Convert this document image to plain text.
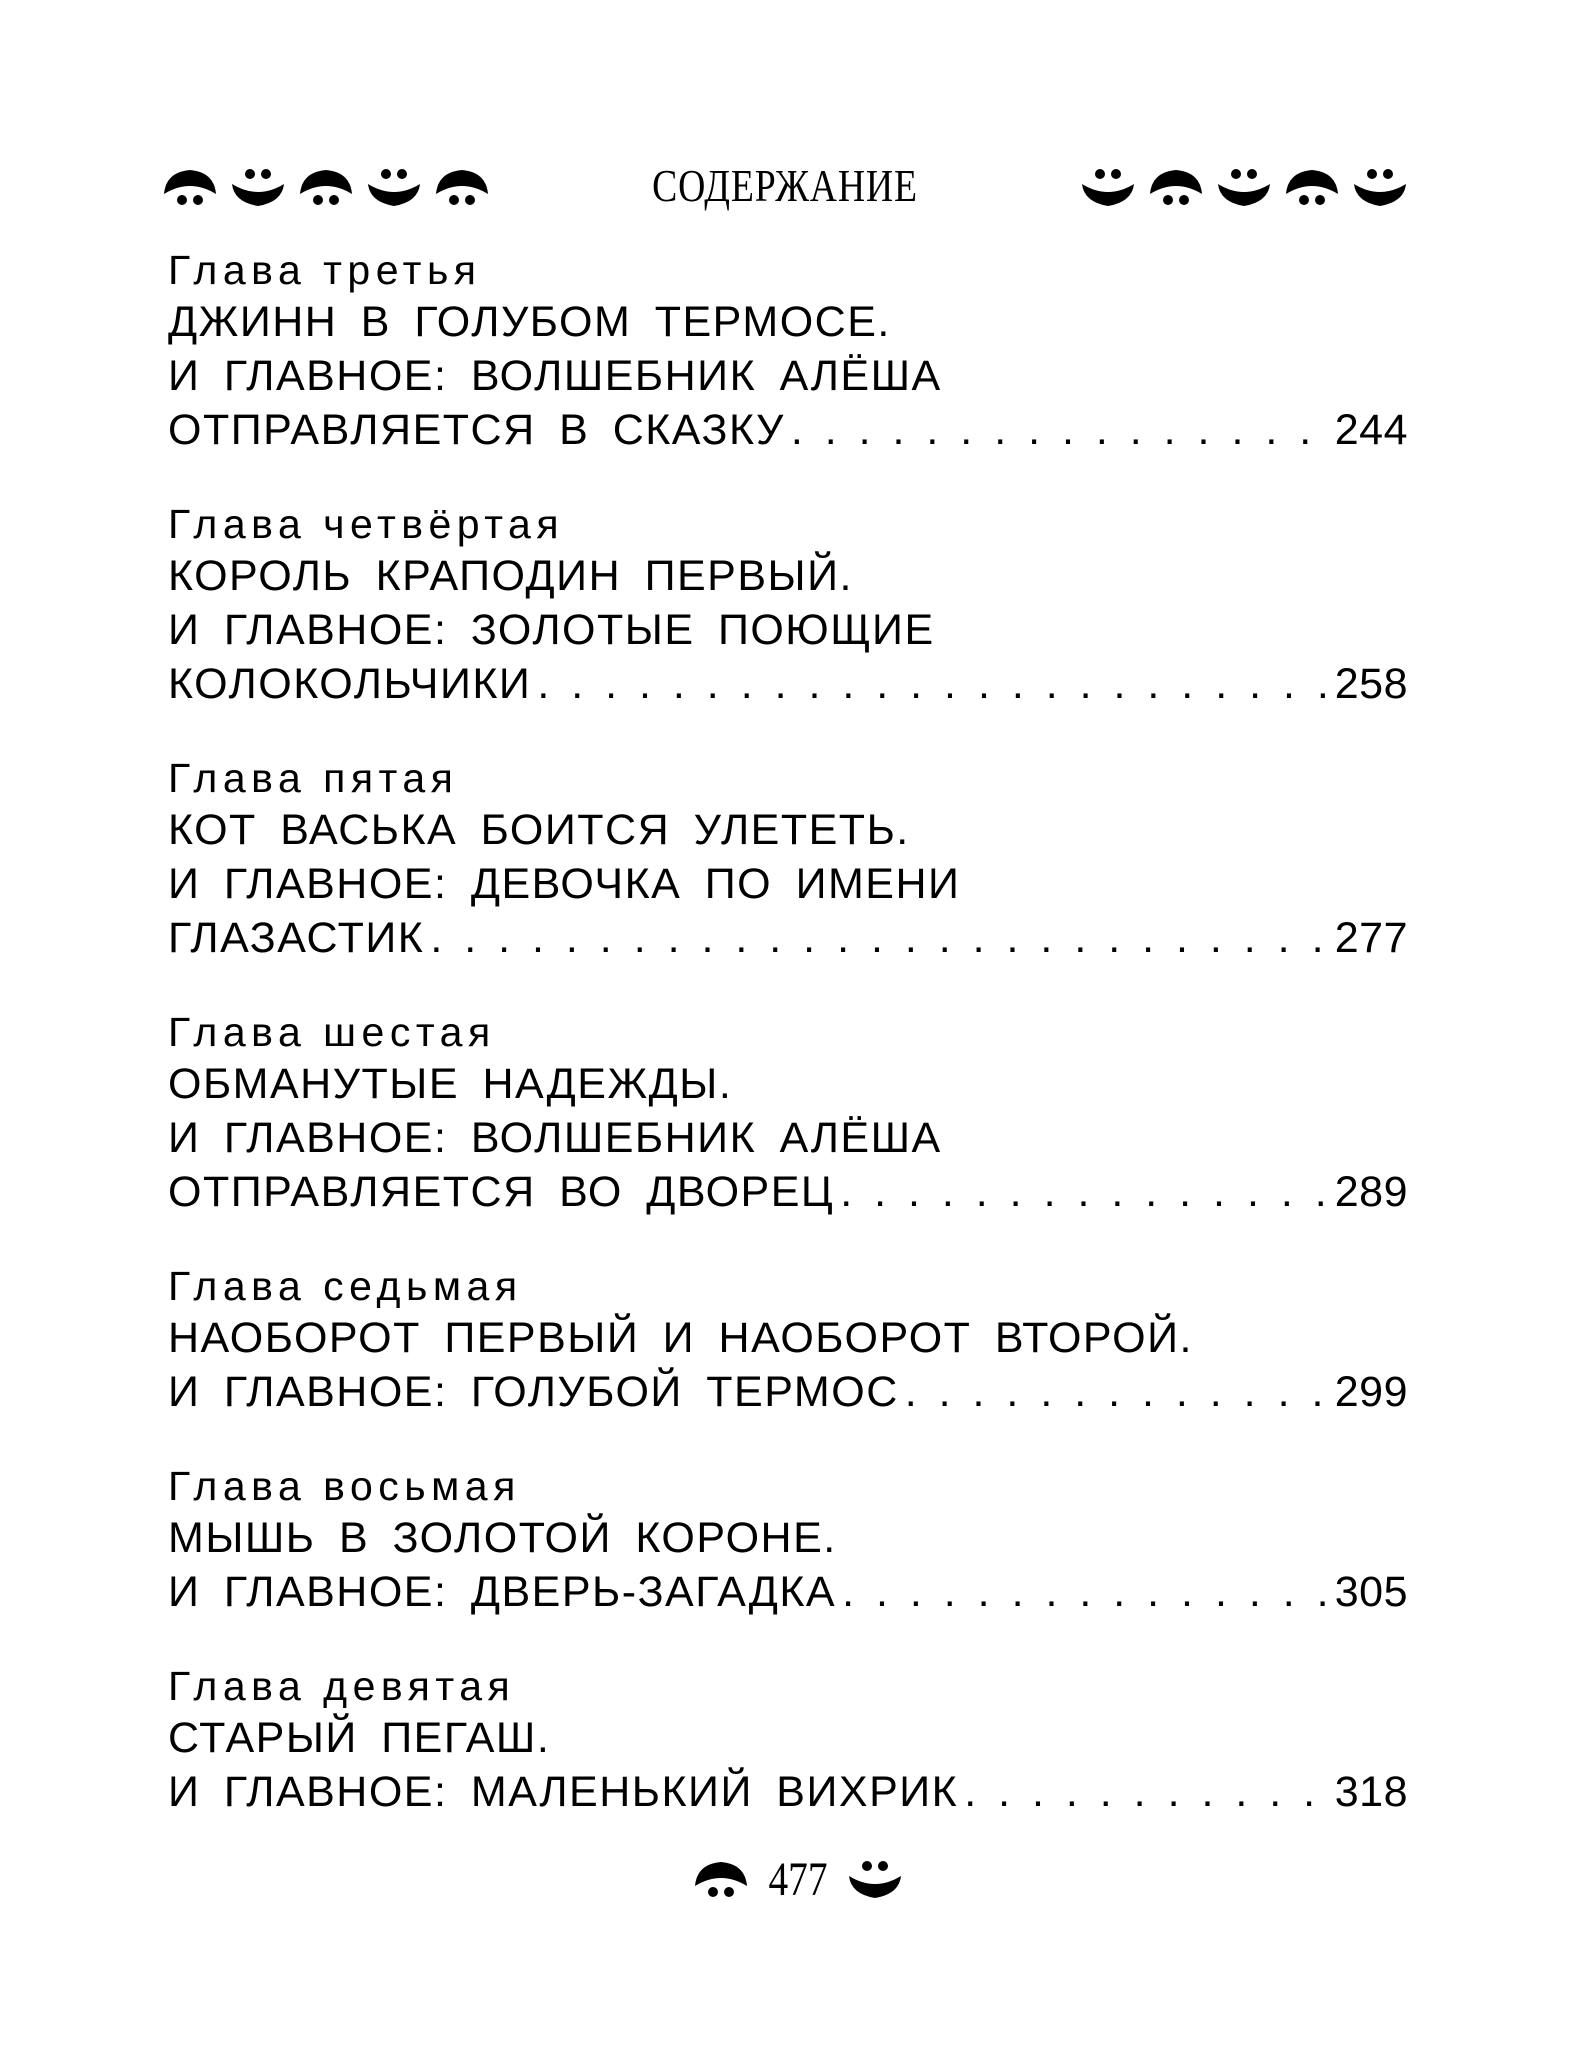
СОДЕРЖАНИЕ
Глава третья
ДЖИНН В ГОЛУБОМ ТЕРМОСЕ.
И ГЛАВНОЕ: ВОЛШЕБНИК АЛЁША
ОТПРАВЛЯЕТСЯ В СКАЗКУ . . .	244
Глава четвёртая
КОРОЛЬ КРАПОДИН ПЕРВЫЙ.
И ГЛАВНОЕ: ЗОЛОТЫЕ ПОЮЩИЕ
КОЛОКОЛЬЧИКИ . . .	258
Глава пятая
КОТ ВАСЬКА БОИТСЯ УЛЕТЕТЬ.
И ГЛАВНОЕ: ДЕВОЧКА ПО ИМЕНИ
ГЛАЗАСТИК . . .	277
Глава шестая
ОБМАНУТЫЕ НАДЕЖДЫ.
И ГЛАВНОЕ: ВОЛШЕБНИК АЛЁША
ОТПРАВЛЯЕТСЯ ВО ДВОРЕЦ . . .	289
Глава седьмая
НАОБОРОТ ПЕРВЫЙ И НАОБОРОТ ВТОРОЙ.
И ГЛАВНОЕ: ГОЛУБОЙ ТЕРМОС . . .	299
Глава восьмая
МЫШЬ В ЗОЛОТОЙ КОРОНЕ.
И ГЛАВНОЕ: ДВЕРЬ-ЗАГАДКА . . .	305
Глава девятая
СТАРЫЙ ПЕГАШ.
И ГЛАВНОЕ: МАЛЕНЬКИЙ ВИХРИК . . .	318
477
